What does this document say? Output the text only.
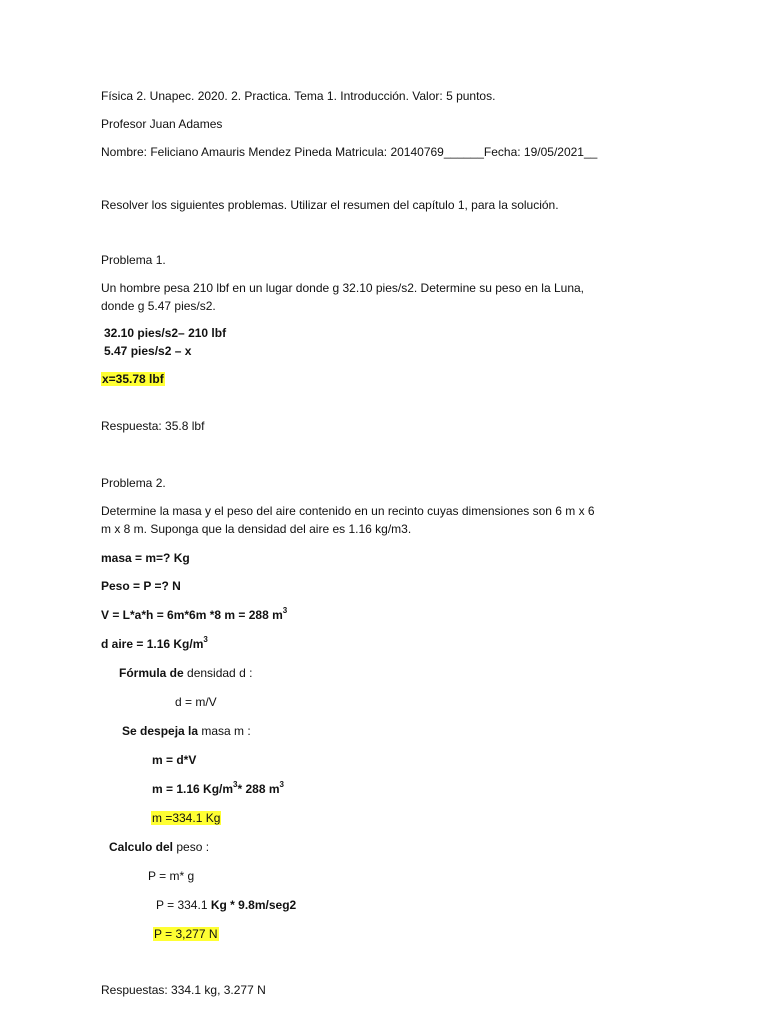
Física 2. Unapec. 2020. 2. Practica. Tema 1. Introducción. Valor: 5 puntos.
Profesor Juan Adames
Nombre: Feliciano Amauris Mendez Pineda Matricula: 20140769______Fecha: 19/05/2021__
Resolver los siguientes problemas. Utilizar el resumen del capítulo 1, para la solución.
Problema 1.
Un hombre pesa 210 lbf en un lugar donde g 32.10 pies/s2. Determine su peso en la Luna, donde g 5.47 pies/s2.
32.10 pies/s2– 210 lbf
5.47 pies/s2 – x
x=35.78 lbf
Respuesta: 35.8 lbf
Problema 2.
Determine la masa y el peso del aire contenido en un recinto cuyas dimensiones son 6 m x 6 m x 8 m. Suponga que la densidad del aire es 1.16 kg/m3.
masa = m=? Kg
Peso = P =? N
V = L*a*h = 6m*6m *8 m = 288 $m^3$
d aire = 1.16 $Kg/m^3$
Fórmula de densidad d :
d = m/V
Se despeja la masa m :
m = d*V
m = 1.16 $Kg/m^3*$ 288 $m^3$
m =334.1 Kg
Calculo del peso :
P = m* g
P = 334.1 Kg * 9.8m/seg2
P = 3,277 N
Respuestas: 334.1 kg, 3.277 N
